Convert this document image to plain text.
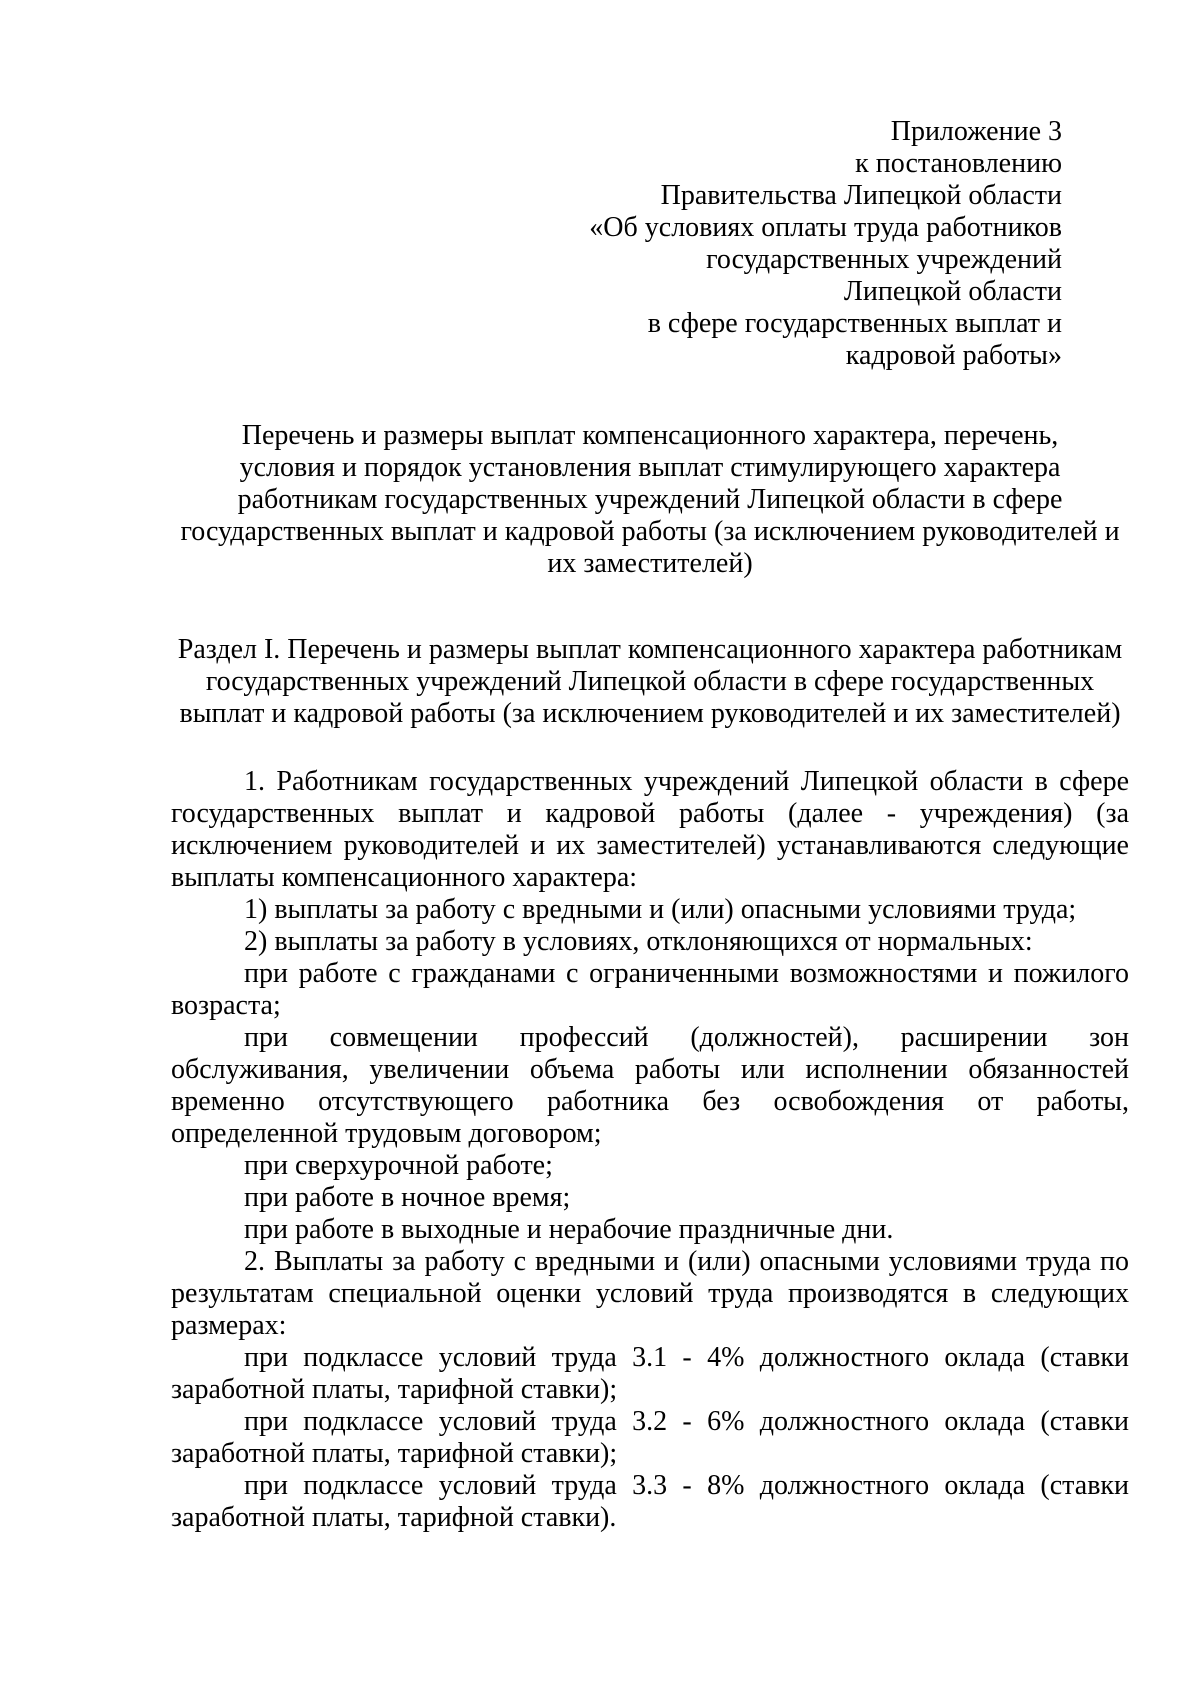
Приложение 3
к постановлению
Правительства Липецкой области
«Об условиях оплаты труда работников
государственных учреждений
Липецкой области
в сфере государственных выплат и
кадровой работы»
Перечень и размеры выплат компенсационного характера, перечень,
условия и порядок установления выплат стимулирующего характера
работникам государственных учреждений Липецкой области в сфере
государственных выплат и кадровой работы (за исключением руководителей и
их заместителей)
Раздел I. Перечень и размеры выплат компенсационного характера работникам
государственных учреждений Липецкой области в сфере государственных
выплат и кадровой работы (за исключением руководителей и их заместителей)

1. Работникам государственных учреждений Липецкой области в сфере государственных выплат и кадровой работы (далее - учреждения) (за исключением руководителей и их заместителей) устанавливаются следующие выплаты компенсационного характера:

1) выплаты за работу с вредными и (или) опасными условиями труда;

2) выплаты за работу в условиях, отклоняющихся от нормальных:

при работе с гражданами с ограниченными возможностями и пожилого возраста;

при совмещении профессий (должностей), расширении зон обслуживания, увеличении объема работы или исполнении обязанностей временно отсутствующего работника без освобождения от работы, определенной трудовым договором;

при сверхурочной работе;

при работе в ночное время;

при работе в выходные и нерабочие праздничные дни.

2. Выплаты за работу с вредными и (или) опасными условиями труда по результатам специальной оценки условий труда производятся в следующих размерах:

при подклассе условий труда 3.1 - 4% должностного оклада (ставки заработной платы, тарифной ставки);

при подклассе условий труда 3.2 - 6% должностного оклада (ставки заработной платы, тарифной ставки);

при подклассе условий труда 3.3 - 8% должностного оклада (ставки заработной платы, тарифной ставки).
